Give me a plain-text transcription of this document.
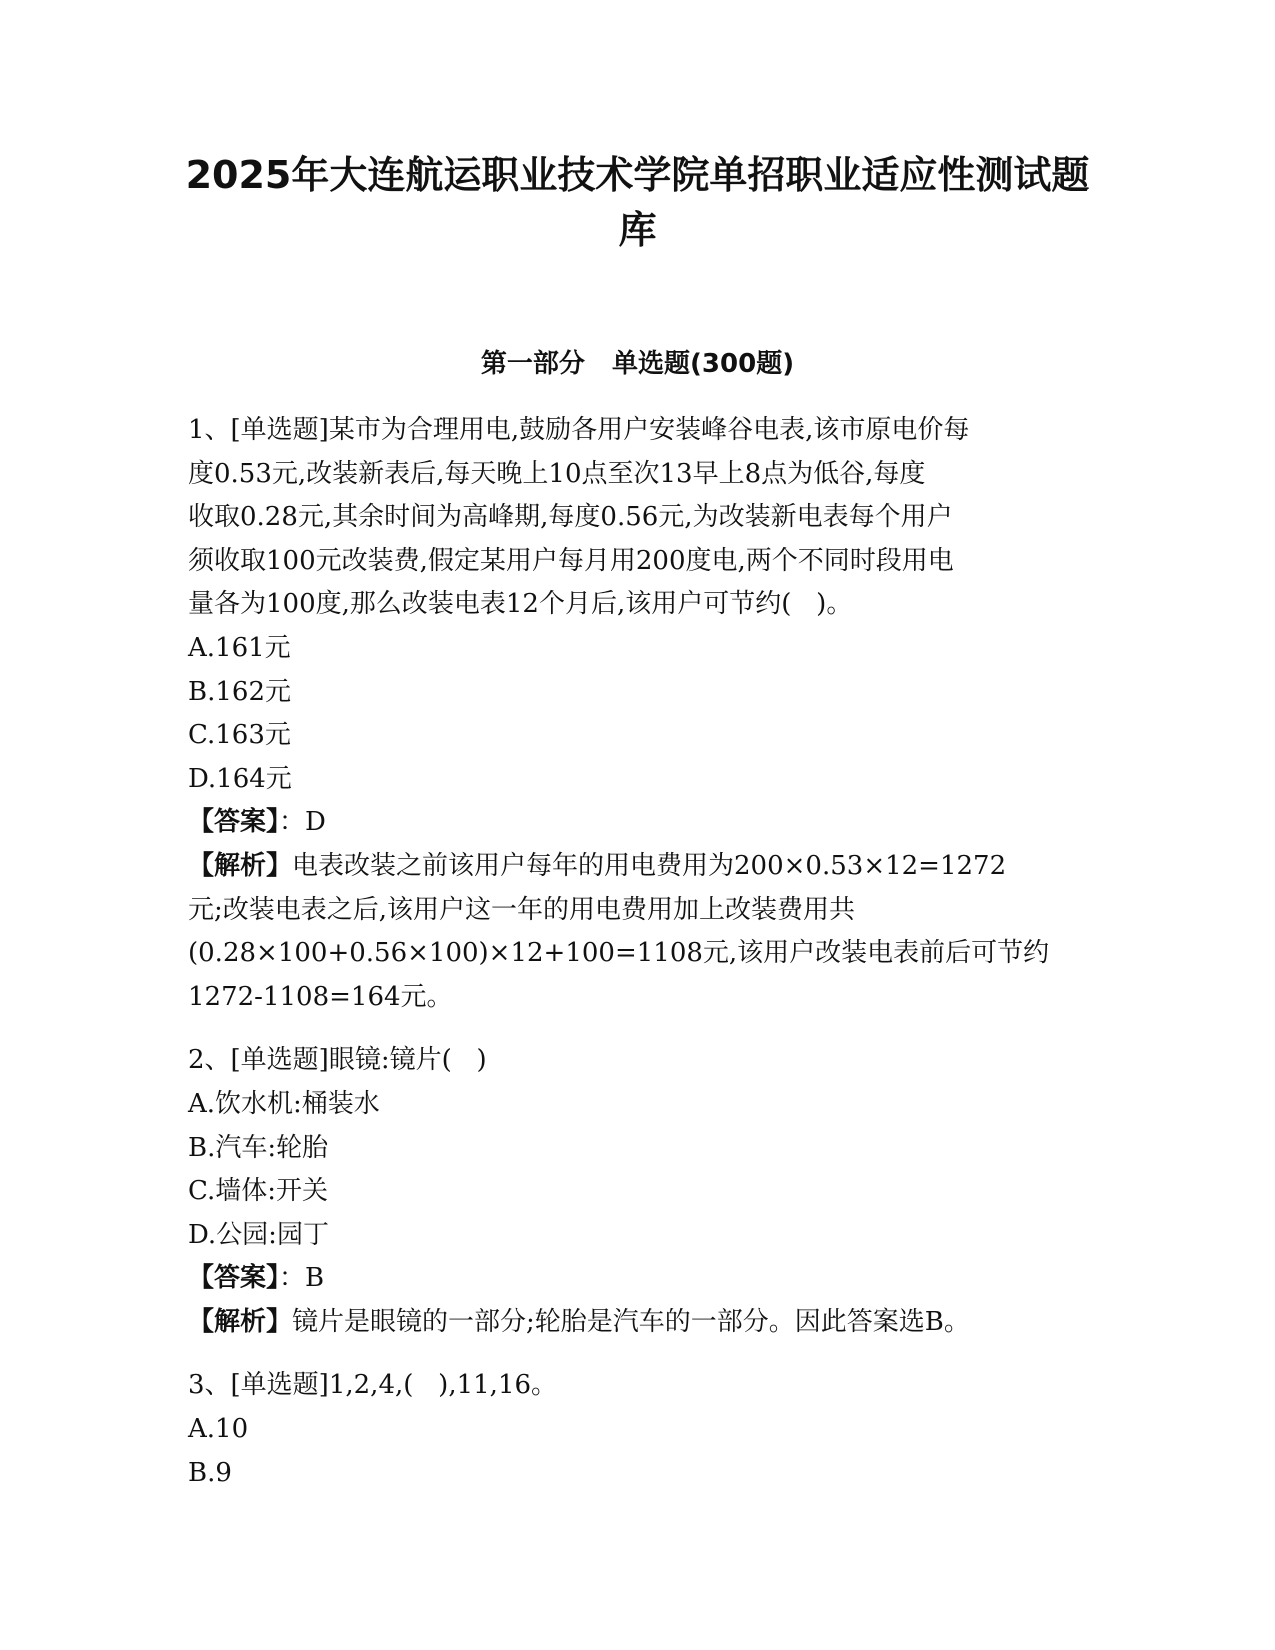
2025年大连航运职业技术学院单招职业适应性测试题
库
第一部分   单选题(300题)
1、[单选题]某市为合理用电,鼓励各用户安装峰谷电表,该市原电价每
度0.53元,改装新表后,每天晚上10点至次13早上8点为低谷,每度
收取0.28元,其余时间为高峰期,每度0.56元,为改装新电表每个用户
须收取100元改装费,假定某用户每月用200度电,两个不同时段用电
量各为100度,那么改装电表12个月后,该用户可节约(   )。
A.161元
B.162元
C.163元
D.164元
【答案】：D
【解析】电表改装之前该用户每年的用电费用为200×0.53×12=1272
元;改装电表之后,该用户这一年的用电费用加上改装费用共
(0.28×100+0.56×100)×12+100=1108元,该用户改装电表前后可节约
1272-1108=164元。
2、[单选题]眼镜:镜片(   )
A.饮水机:桶装水
B.汽车:轮胎
C.墙体:开关
D.公园:园丁
【答案】：B
【解析】镜片是眼镜的一部分;轮胎是汽车的一部分。因此答案选B。
3、[单选题]1,2,4,(   ),11,16。
A.10
B.9
